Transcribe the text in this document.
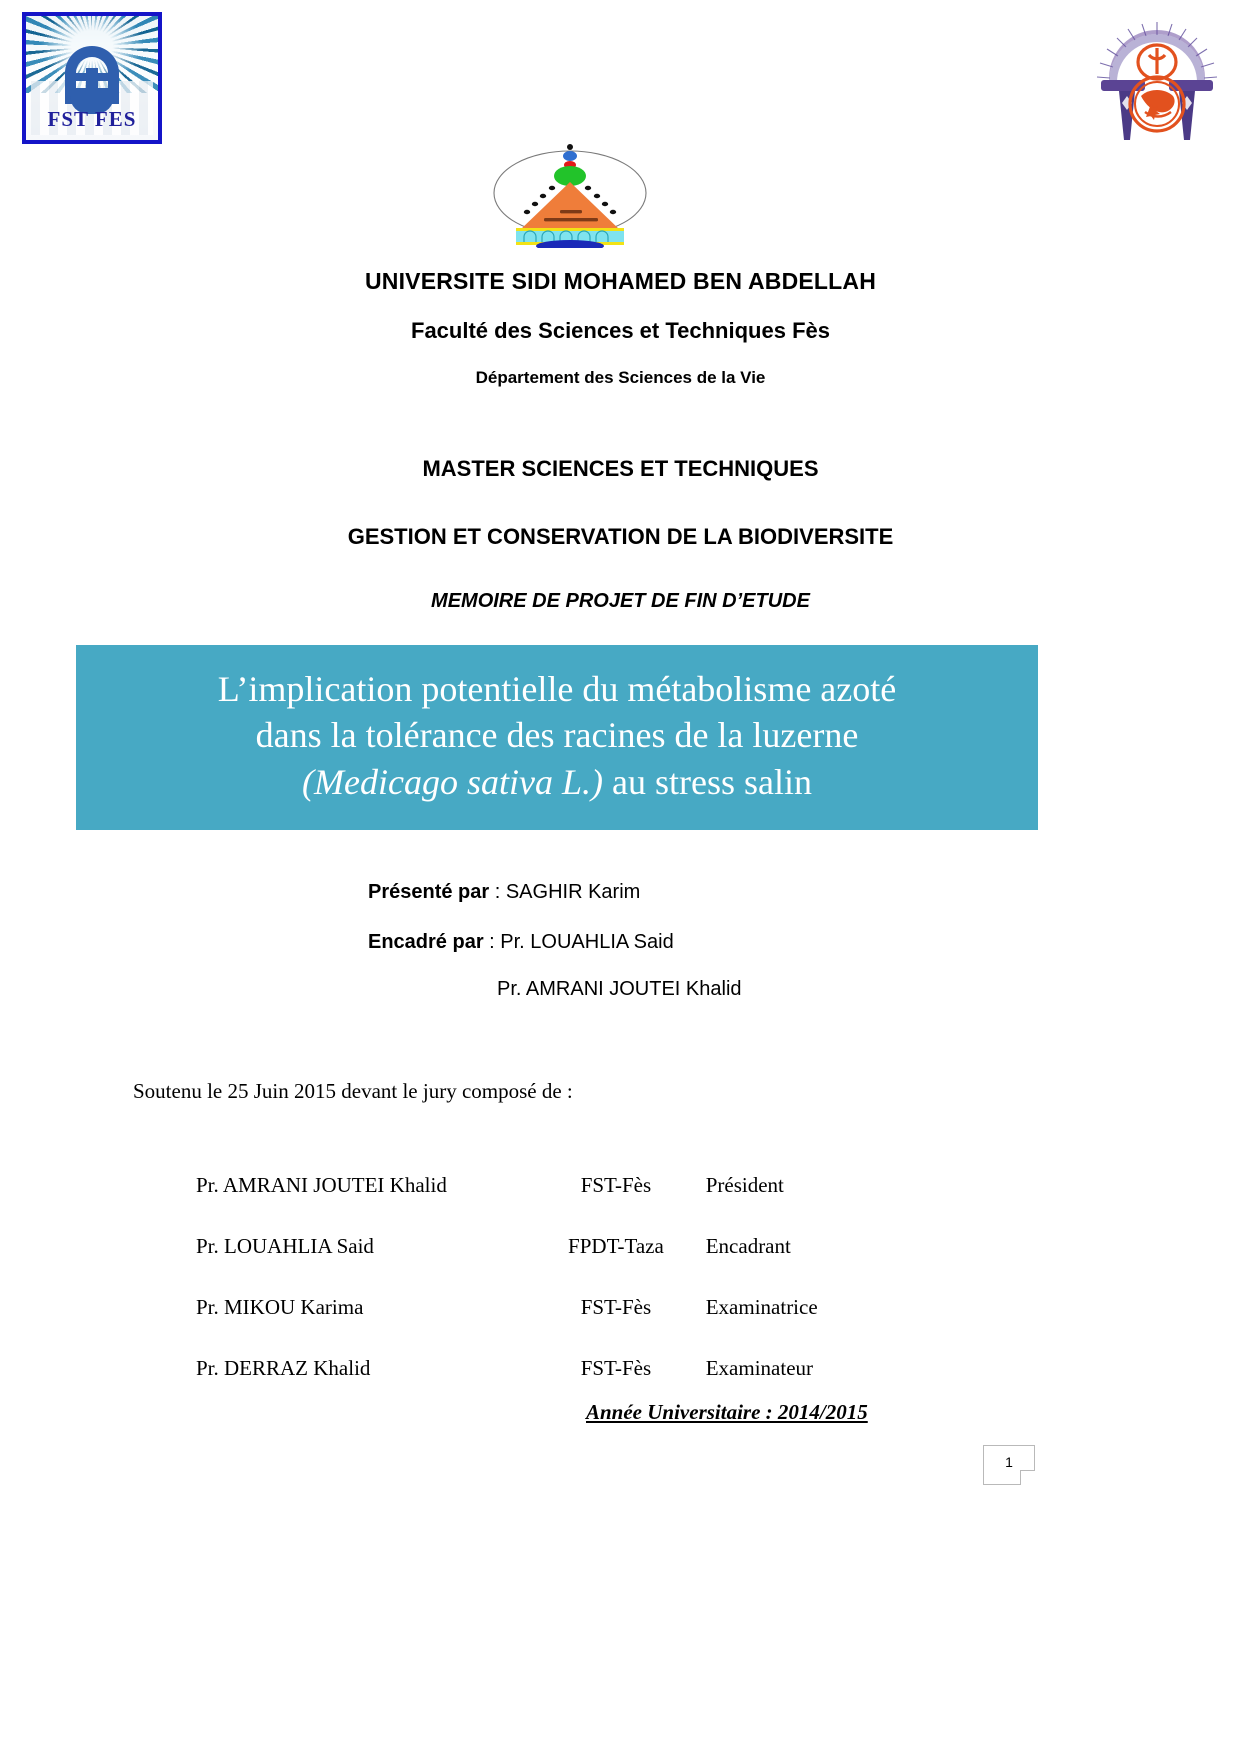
FST FES
UNIVERSITE SIDI MOHAMED BEN ABDELLAH
Faculté des Sciences et Techniques Fès
Département des Sciences de la Vie
MASTER SCIENCES ET TECHNIQUES
GESTION ET CONSERVATION DE LA BIODIVERSITE
MEMOIRE DE PROJET DE FIN D’ETUDE
L’implication potentielle du métabolisme azoté
dans la tolérance des racines de la luzerne
(Medicago sativa L.) au stress salin
Présenté par : SAGHIR Karim
Encadré par : Pr. LOUAHLIA Said
Pr. AMRANI JOUTEI Khalid
Soutenu le 25 Juin 2015 devant le jury composé de :
Pr. AMRANI JOUTEI Khalid	FST-Fès	Président
Pr. LOUAHLIA Said	FPDT-Taza	Encadrant
Pr. MIKOU Karima	FST-Fès	Examinatrice
Pr. DERRAZ Khalid	FST-Fès	Examinateur
Année Universitaire : 2014/2015
1
